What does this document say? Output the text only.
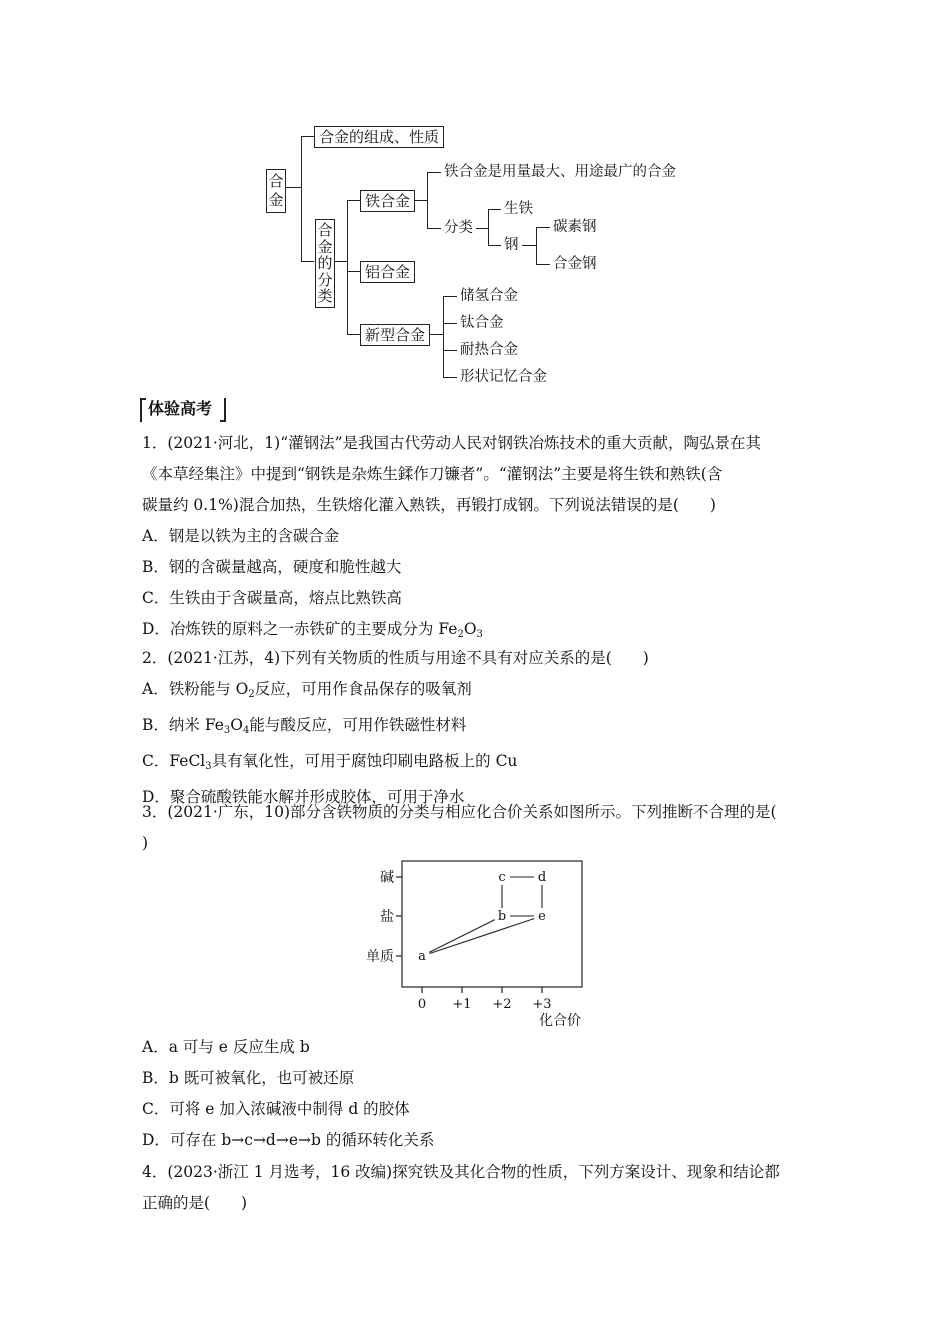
合金
合金的组成、性质
合金的分类
铁合金
铝合金
新型合金
铁合金是用量最大、用途最广的合金
分类
生铁
钢
碳素钢
合金钢
储氢合金
钛合金
耐热合金
形状记忆合金
体验高考
1．(2021·河北，1)“灌钢法”是我国古代劳动人民对钢铁冶炼技术的重大贡献，陶弘景在其
《本草经集注》中提到“钢铁是杂炼生鍒作刀镰者”。“灌钢法”主要是将生铁和熟铁(含
碳量约 0.1%)混合加热，生铁熔化灌入熟铁，再锻打成钢。下列说法错误的是(　　)
A．钢是以铁为主的含碳合金
B．钢的含碳量越高，硬度和脆性越大
C．生铁由于含碳量高，熔点比熟铁高
D．冶炼铁的原料之一赤铁矿的主要成分为 $Fe_2O_3$
2．(2021·江苏，4)下列有关物质的性质与用途不具有对应关系的是(　　)
A．铁粉能与 $O_2$反应，可用作食品保存的吸氧剂
B．纳米 $Fe_3O_4$能与酸反应，可用作铁磁性材料
C．FeCl$_3$具有氧化性，可用于腐蚀印刷电路板上的 Cu
D．聚合硫酸铁能水解并形成胶体，可用于净水
3．(2021·广东，10)部分含铁物质的分类与相应化合价关系如图所示。下列推断不合理的是(
)
单质
盐
碱
0 +1 +2 +3
化合价
a
b
c d
e
A．a 可与 e 反应生成 b
B．b 既可被氧化，也可被还原
C．可将 e 加入浓碱液中制得 d 的胶体
D．可存在 b→c→d→e→b 的循环转化关系
4．(2023·浙江 1 月选考，16 改编)探究铁及其化合物的性质，下列方案设计、现象和结论都
正确的是(　　)
